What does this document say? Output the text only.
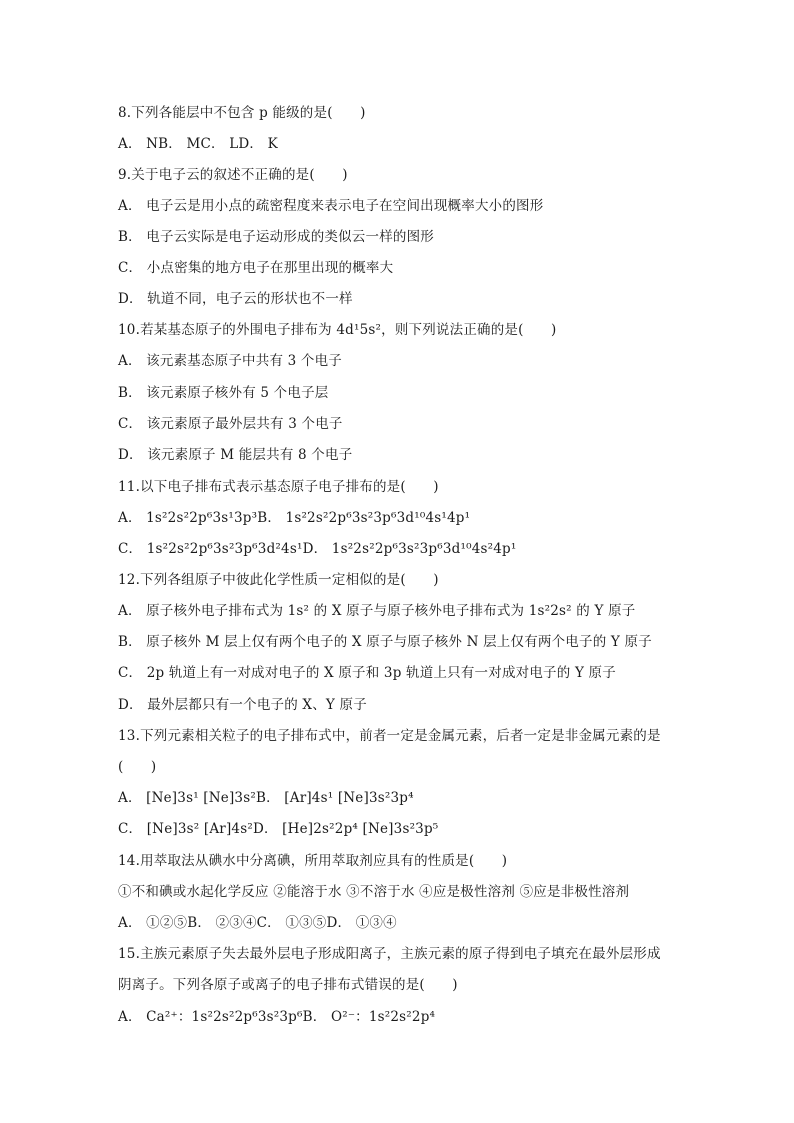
8.下列各能层中不包含 p 能级的是(　　)
A． NB． MC． LD． K
9.关于电子云的叙述不正确的是(　　)
A． 电子云是用小点的疏密程度来表示电子在空间出现概率大小的图形
B． 电子云实际是电子运动形成的类似云一样的图形
C． 小点密集的地方电子在那里出现的概率大
D． 轨道不同，电子云的形状也不一样
10.若某基态原子的外围电子排布为 4d¹5s²，则下列说法正确的是(　　)
A． 该元素基态原子中共有 3 个电子
B． 该元素原子核外有 5 个电子层
C． 该元素原子最外层共有 3 个电子
D． 该元素原子 M 能层共有 8 个电子
11.以下电子排布式表示基态原子电子排布的是(　　)
A． 1s²2s²2p⁶3s¹3p³B． 1s²2s²2p⁶3s²3p⁶3d¹⁰4s¹4p¹
C． 1s²2s²2p⁶3s²3p⁶3d²4s¹D． 1s²2s²2p⁶3s²3p⁶3d¹⁰4s²4p¹
12.下列各组原子中彼此化学性质一定相似的是(　　)
A． 原子核外电子排布式为 1s² 的 X 原子与原子核外电子排布式为 1s²2s² 的 Y 原子
B． 原子核外 M 层上仅有两个电子的 X 原子与原子核外 N 层上仅有两个电子的 Y 原子
C． 2p 轨道上有一对成对电子的 X 原子和 3p 轨道上只有一对成对电子的 Y 原子
D． 最外层都只有一个电子的 X、Y 原子
13.下列元素相关粒子的电子排布式中，前者一定是金属元素，后者一定是非金属元素的是
(　　)
A． [Ne]3s¹ [Ne]3s²B． [Ar]4s¹ [Ne]3s²3p⁴
C． [Ne]3s² [Ar]4s²D． [He]2s²2p⁴ [Ne]3s²3p⁵
14.用萃取法从碘水中分离碘，所用萃取剂应具有的性质是(　　)
①不和碘或水起化学反应 ②能溶于水 ③不溶于水 ④应是极性溶剂 ⑤应是非极性溶剂
A． ①②⑤B． ②③④C． ①③⑤D． ①③④
15.主族元素原子失去最外层电子形成阳离子，主族元素的原子得到电子填充在最外层形成
阴离子。下列各原子或离子的电子排布式错误的是(　　)
A． Ca²⁺：1s²2s²2p⁶3s²3p⁶B． O²⁻：1s²2s²2p⁴
